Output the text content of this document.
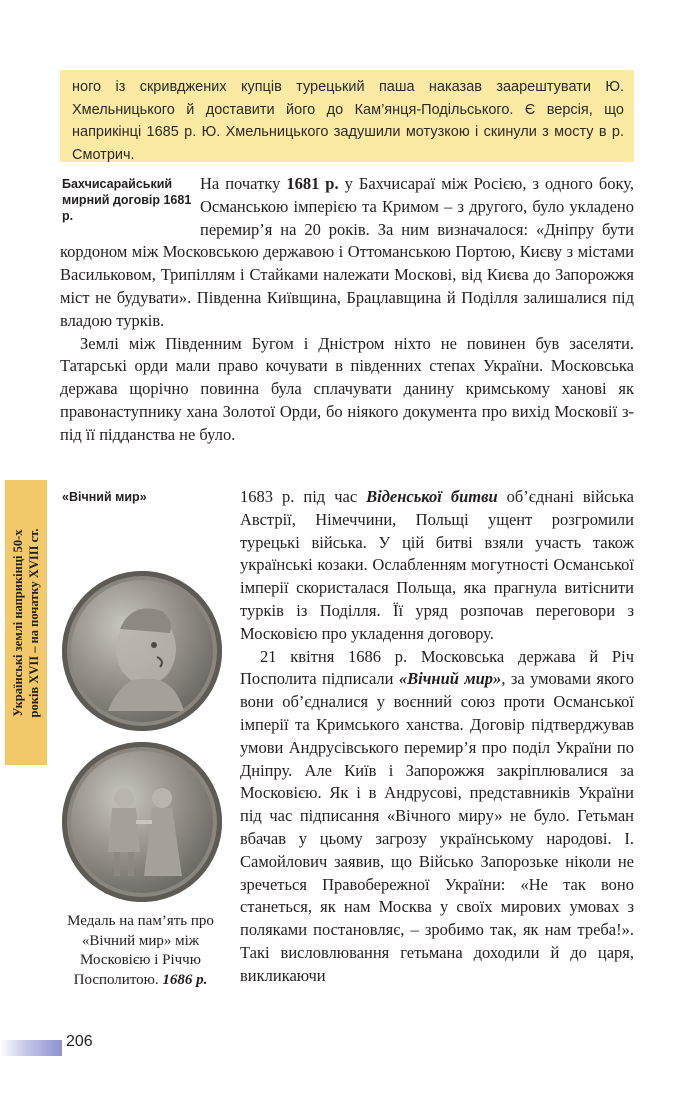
ного із скривджених купців турецький паша наказав заарештувати Ю. Хмельницького й доставити його до Кам’янця-Подільського. Є версія, що наприкінці 1685 р. Ю. Хмельницького задушили мотузкою і скинули з мосту в р. Смотрич.

Бахчисарайський мирний договір 1681 р.

На початку 1681 р. у Бахчисараї між Росією, з одного боку, Османською імперією та Кримом – з другого, було укладено перемир’я на 20 років. За ним визначалося: «Дніпру бути кордоном між Московською державою і Оттоманською Портою, Києву з містами Васильковом, Трипіллям і Стайками належати Москові, від Києва до Запорожжя міст не будувати». Південна Київщина, Брацлавщина й Поділля залишалися під владою турків.

Землі між Південним Бугом і Дністром ніхто не повинен був заселяти. Татарські орди мали право кочувати в південних степах України. Московська держава щорічно повинна була сплачувати данину кримському ханові як правонаступнику хана Золотої Орди, бо ніякого документа про вихід Московії з-під її підданства не було.

«Вічний мир»
Українські землі наприкінці 50-х років XVII – на початку XVIII ст.
Медаль на пам’ять про «Вічний мир» між Московією і Річчю Посполитою. 1686 р.
206

1683 р. під час Віденської битви об’єднані війська Австрії, Німеччини, Польщі ущент розгромили турецькі війська. У цій битві взяли участь також українські козаки. Ослабленням могутності Османської імперії скористалася Польща, яка прагнула витіснити турків із Поділля. Її уряд розпочав переговори з Московією про укладення договору.

21 квітня 1686 р. Московська держава й Річ Посполита підписали «Вічний мир», за умовами якого вони об’єдналися у воєнний союз проти Османської імперії та Кримського ханства. Договір підтверджував умови Андрусівського перемир’я про поділ України по Дніпру. Але Київ і Запорожжя закріплювалися за Московією. Як і в Андрусові, представників України під час підписання «Вічного миру» не було. Гетьман вбачав у цьому загрозу українському народові. І. Самойлович заявив, що Військо Запорозьке ніколи не зречеться Правобережної України: «Не так воно станеться, як нам Москва у своїх мирових умовах з поляками постановляє, – зробимо так, як нам треба!». Такі висловлювання гетьмана доходили й до царя, викликаючи
